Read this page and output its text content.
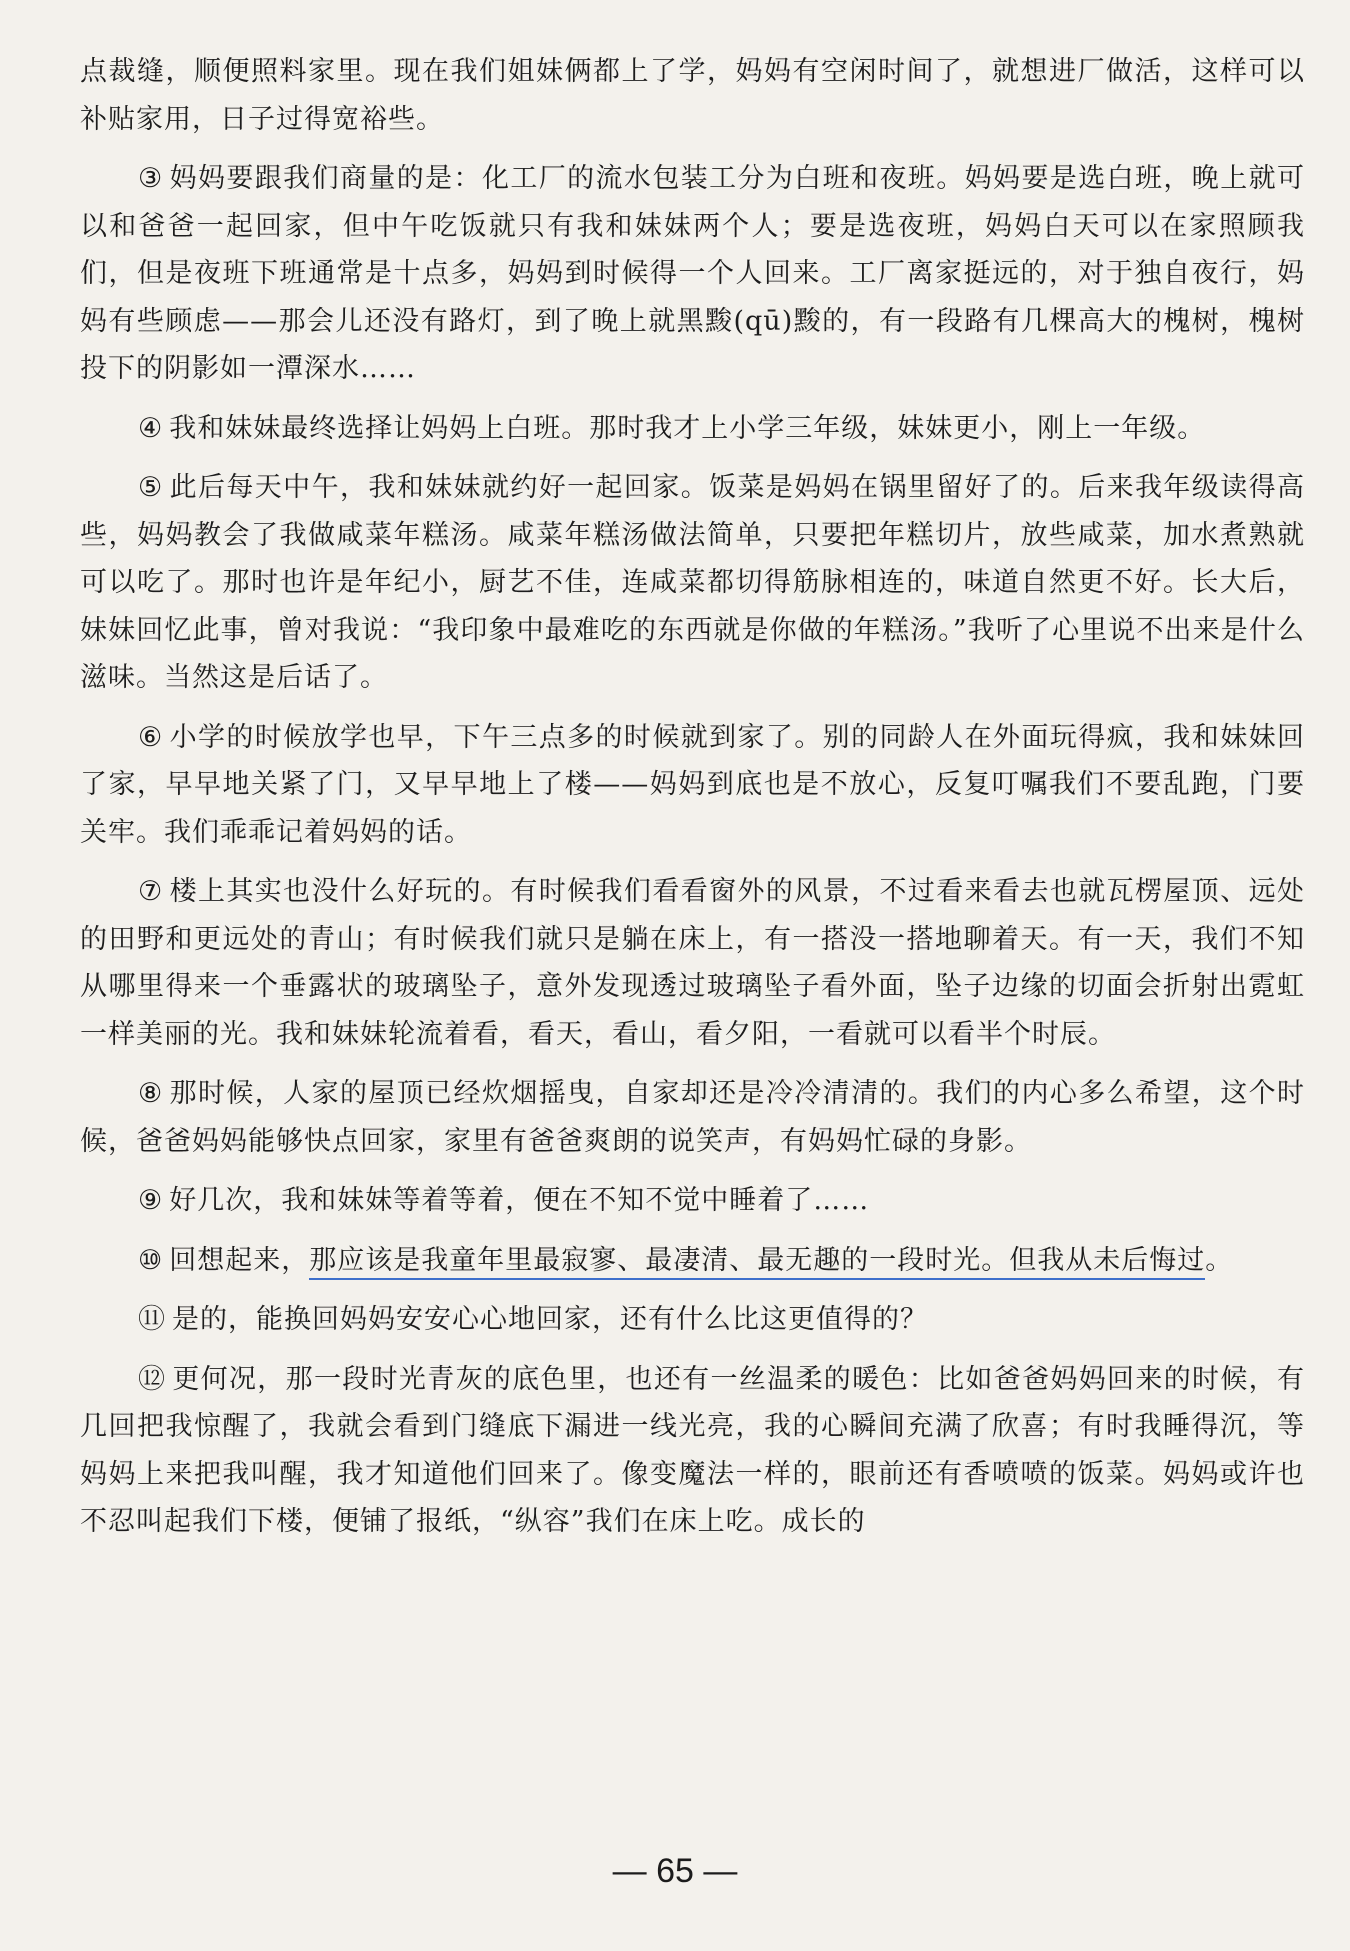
点裁缝，顺便照料家里。现在我们姐妹俩都上了学，妈妈有空闲时间了，就想进厂做活，这样可以补贴家用，日子过得宽裕些。

③ 妈妈要跟我们商量的是：化工厂的流水包装工分为白班和夜班。妈妈要是选白班，晚上就可以和爸爸一起回家，但中午吃饭就只有我和妹妹两个人；要是选夜班，妈妈白天可以在家照顾我们，但是夜班下班通常是十点多，妈妈到时候得一个人回来。工厂离家挺远的，对于独自夜行，妈妈有些顾虑——那会儿还没有路灯，到了晚上就黑黢(qū)黢的，有一段路有几棵高大的槐树，槐树投下的阴影如一潭深水……

④ 我和妹妹最终选择让妈妈上白班。那时我才上小学三年级，妹妹更小，刚上一年级。

⑤ 此后每天中午，我和妹妹就约好一起回家。饭菜是妈妈在锅里留好了的。后来我年级读得高些，妈妈教会了我做咸菜年糕汤。咸菜年糕汤做法简单，只要把年糕切片，放些咸菜，加水煮熟就可以吃了。那时也许是年纪小，厨艺不佳，连咸菜都切得筋脉相连的，味道自然更不好。长大后，妹妹回忆此事，曾对我说：“我印象中最难吃的东西就是你做的年糕汤。”我听了心里说不出来是什么滋味。当然这是后话了。

⑥ 小学的时候放学也早，下午三点多的时候就到家了。别的同龄人在外面玩得疯，我和妹妹回了家，早早地关紧了门，又早早地上了楼——妈妈到底也是不放心，反复叮嘱我们不要乱跑，门要关牢。我们乖乖记着妈妈的话。

⑦ 楼上其实也没什么好玩的。有时候我们看看窗外的风景，不过看来看去也就瓦楞屋顶、远处的田野和更远处的青山；有时候我们就只是躺在床上，有一搭没一搭地聊着天。有一天，我们不知从哪里得来一个垂露状的玻璃坠子，意外发现透过玻璃坠子看外面，坠子边缘的切面会折射出霓虹一样美丽的光。我和妹妹轮流着看，看天，看山，看夕阳，一看就可以看半个时辰。

⑧ 那时候，人家的屋顶已经炊烟摇曳，自家却还是冷冷清清的。我们的内心多么希望，这个时候，爸爸妈妈能够快点回家，家里有爸爸爽朗的说笑声，有妈妈忙碌的身影。

⑨ 好几次，我和妹妹等着等着，便在不知不觉中睡着了……

⑩ 回想起来，那应该是我童年里最寂寥、最凄清、最无趣的一段时光。但我从未后悔过。

⑪ 是的，能换回妈妈安安心心地回家，还有什么比这更值得的？

⑫ 更何况，那一段时光青灰的底色里，也还有一丝温柔的暖色：比如爸爸妈妈回来的时候，有几回把我惊醒了，我就会看到门缝底下漏进一线光亮，我的心瞬间充满了欣喜；有时我睡得沉，等妈妈上来把我叫醒，我才知道他们回来了。像变魔法一样的，眼前还有香喷喷的饭菜。妈妈或许也不忍叫起我们下楼，便铺了报纸，“纵容”我们在床上吃。成长的

— 65 —
